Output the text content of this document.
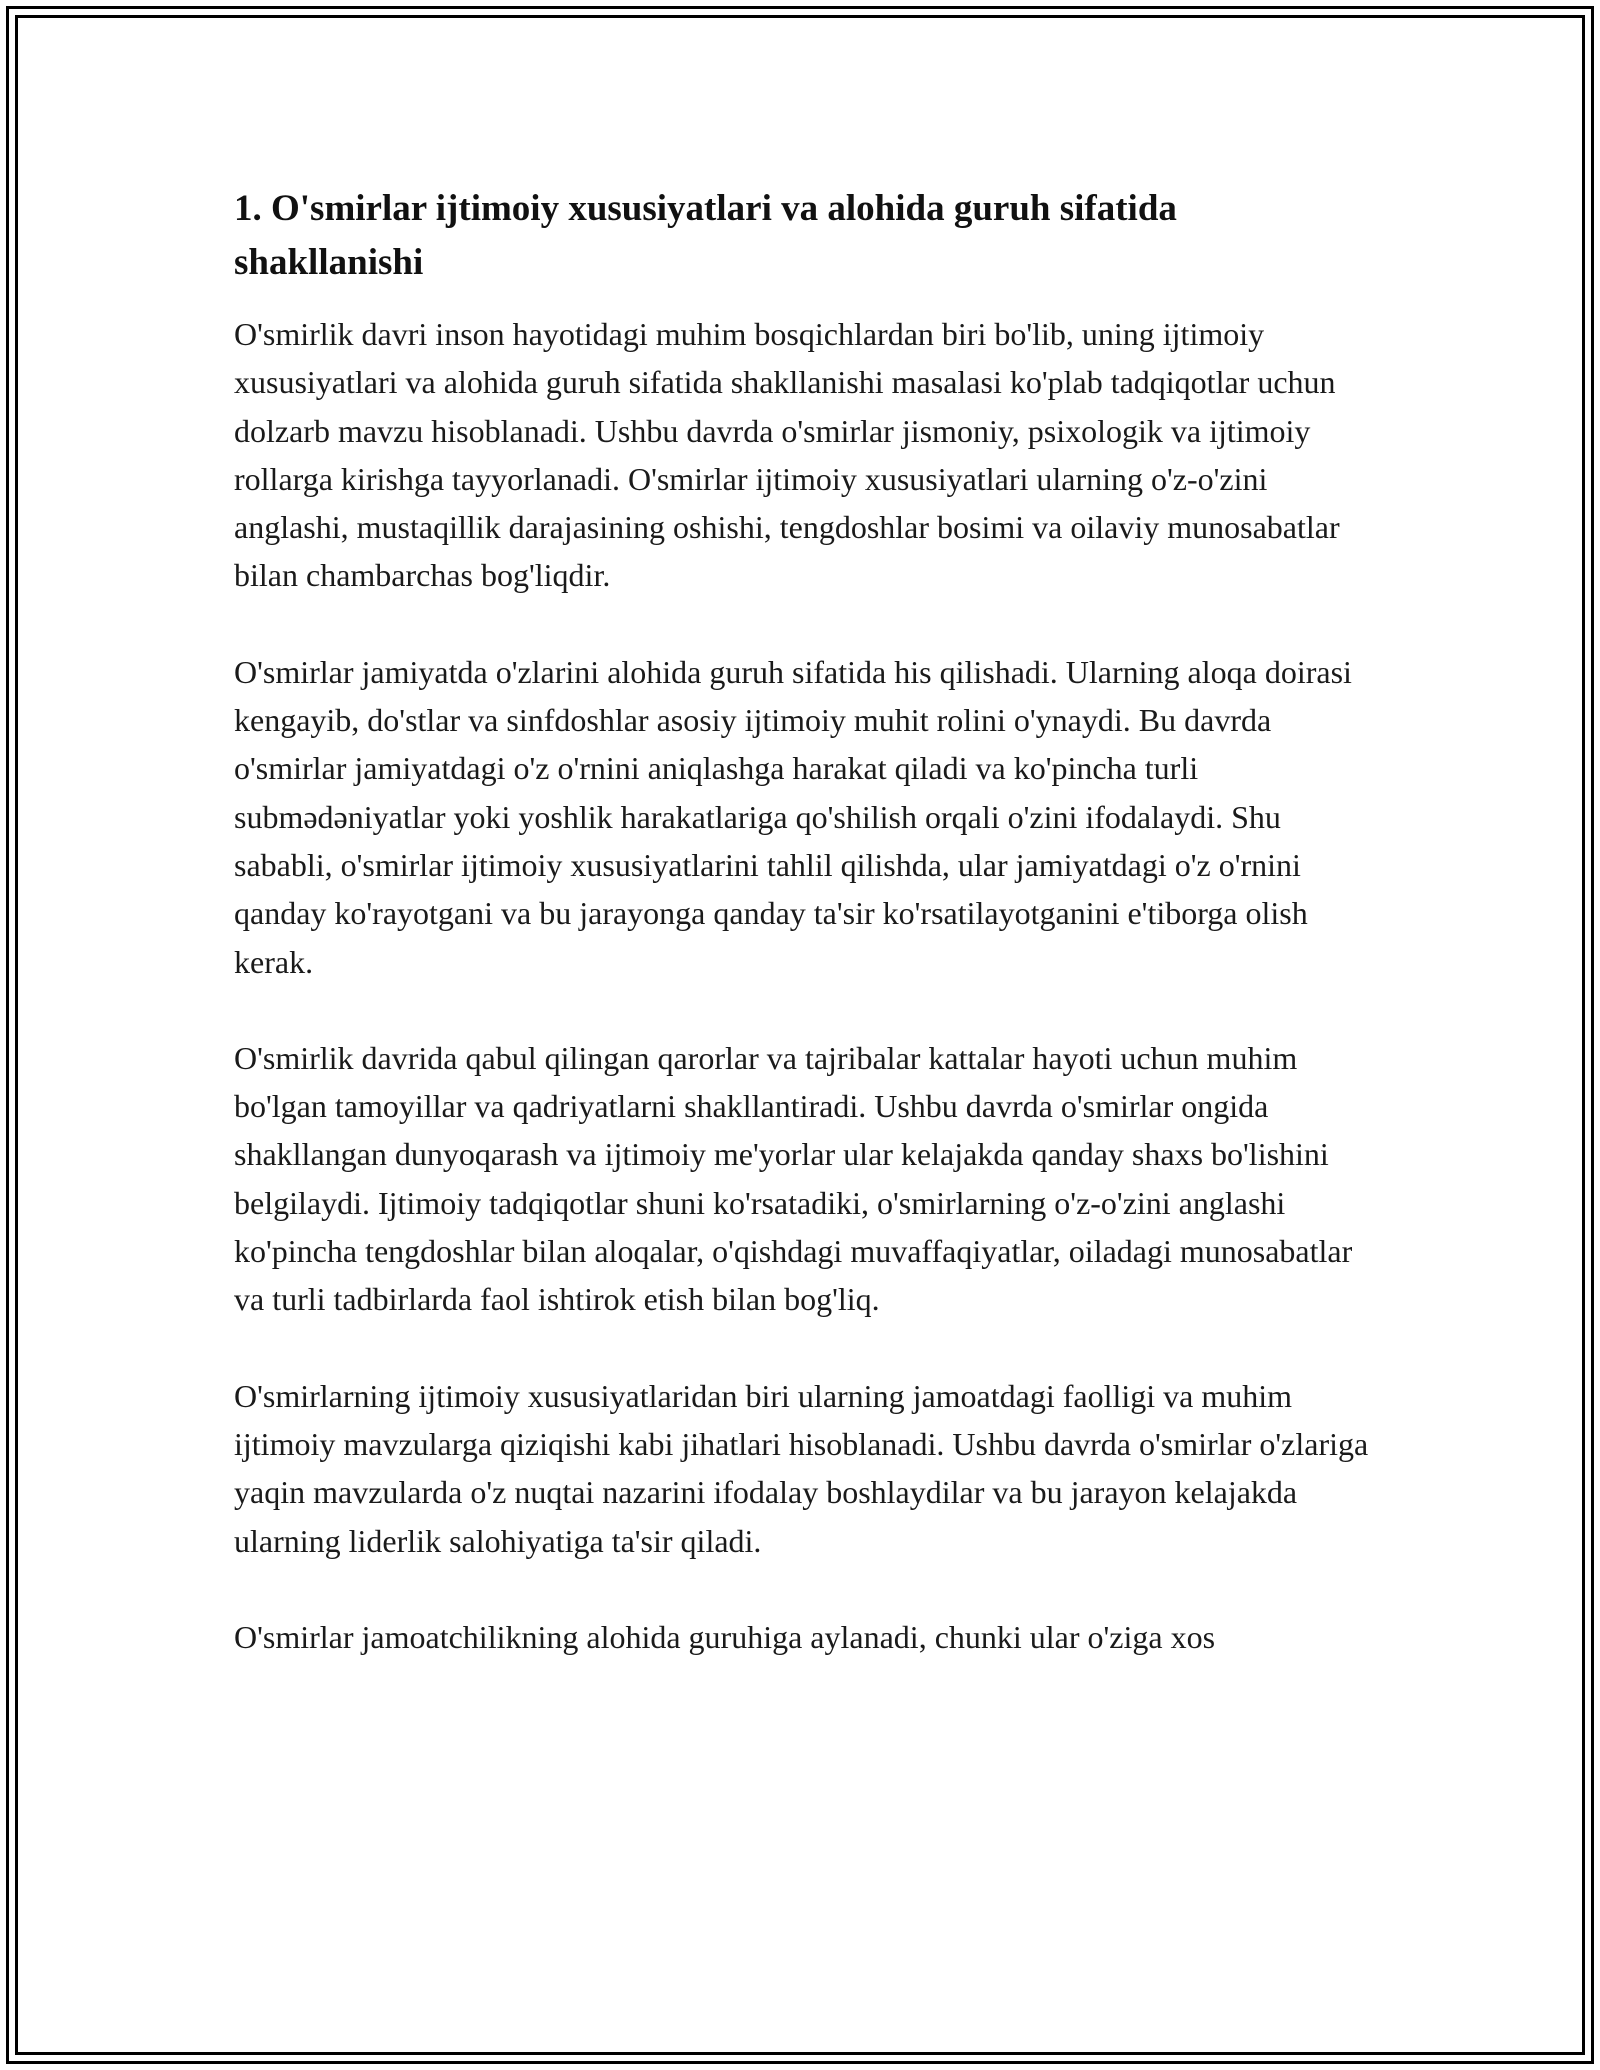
1. O'smirlar ijtimoiy xususiyatlari va alohida guruh sifatida shakllanishi

O'smirlik davri inson hayotidagi muhim bosqichlardan biri bo'lib, uning ijtimoiy xususiyatlari va alohida guruh sifatida shakllanishi masalasi ko'plab tadqiqotlar uchun dolzarb mavzu hisoblanadi. Ushbu davrda o'smirlar jismoniy, psixologik va ijtimoiy rollarga kirishga tayyorlanadi. O'smirlar ijtimoiy xususiyatlari ularning o'z-o'zini anglashi, mustaqillik darajasining oshishi, tengdoshlar bosimi va oilaviy munosabatlar bilan chambarchas bog'liqdir.

O'smirlar jamiyatda o'zlarini alohida guruh sifatida his qilishadi. Ularning aloqa doirasi kengayib, do'stlar va sinfdoshlar asosiy ijtimoiy muhit rolini o'ynaydi. Bu davrda o'smirlar jamiyatdagi o'z o'rnini aniqlashga harakat qiladi va ko'pincha turli submədəniyatlar yoki yoshlik harakatlariga qo'shilish orqali o'zini ifodalaydi. Shu sababli, o'smirlar ijtimoiy xususiyatlarini tahlil qilishda, ular jamiyatdagi o'z o'rnini qanday ko'rayotgani va bu jarayonga qanday ta'sir ko'rsatilayotganini e'tiborga olish kerak.

O'smirlik davrida qabul qilingan qarorlar va tajribalar kattalar hayoti uchun muhim bo'lgan tamoyillar va qadriyatlarni shakllantiradi. Ushbu davrda o'smirlar ongida shakllangan dunyoqarash va ijtimoiy me'yorlar ular kelajakda qanday shaxs bo'lishini belgilaydi. Ijtimoiy tadqiqotlar shuni ko'rsatadiki, o'smirlarning o'z-o'zini anglashi ko'pincha tengdoshlar bilan aloqalar, o'qishdagi muvaffaqiyatlar, oiladagi munosabatlar va turli tadbirlarda faol ishtirok etish bilan bog'liq.

O'smirlarning ijtimoiy xususiyatlaridan biri ularning jamoatdagi faolligi va muhim ijtimoiy mavzularga qiziqishi kabi jihatlari hisoblanadi. Ushbu davrda o'smirlar o'zlariga yaqin mavzularda o'z nuqtai nazarini ifodalay boshlaydilar va bu jarayon kelajakda ularning liderlik salohiyatiga ta'sir qiladi.

O'smirlar jamoatchilikning alohida guruhiga aylanadi, chunki ular o'ziga xos
